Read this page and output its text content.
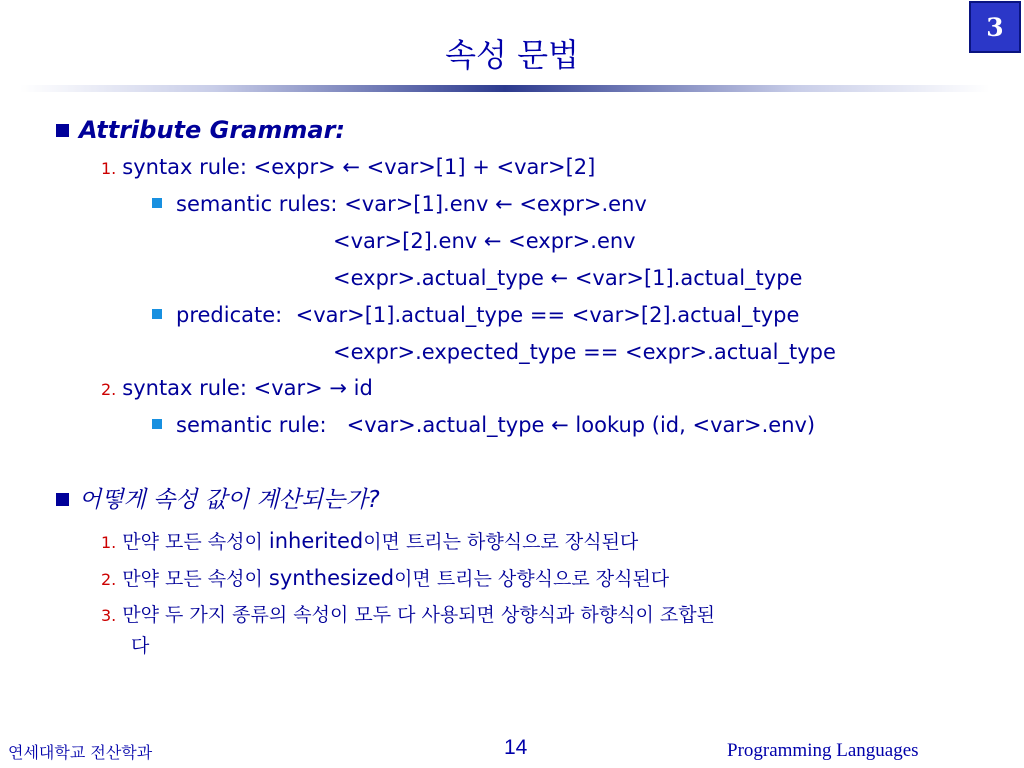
3
속성 문법
Attribute Grammar:
1. syntax rule: <expr> ← <var>[1] + <var>[2]
semantic rules: <var>[1].env ← <expr>.env
<var>[2].env ← <expr>.env
<expr>.actual_type ← <var>[1].actual_type
predicate: <var>[1].actual_type == <var>[2].actual_type
<expr>.expected_type == <expr>.actual_type
2. syntax rule: <var> → id
semantic rule: <var>.actual_type ← lookup (id, <var>.env)
어떻게 속성 값이 계산되는가?
1. 만약 모든 속성이 inherited이면 트리는 하향식으로 장식된다
2. 만약 모든 속성이 synthesized이면 트리는 상향식으로 장식된다
3. 만약 두 가지 종류의 속성이 모두 다 사용되면 상향식과 하향식이 조합된
다
연세대학교 전산학과	14	Programming Languages
